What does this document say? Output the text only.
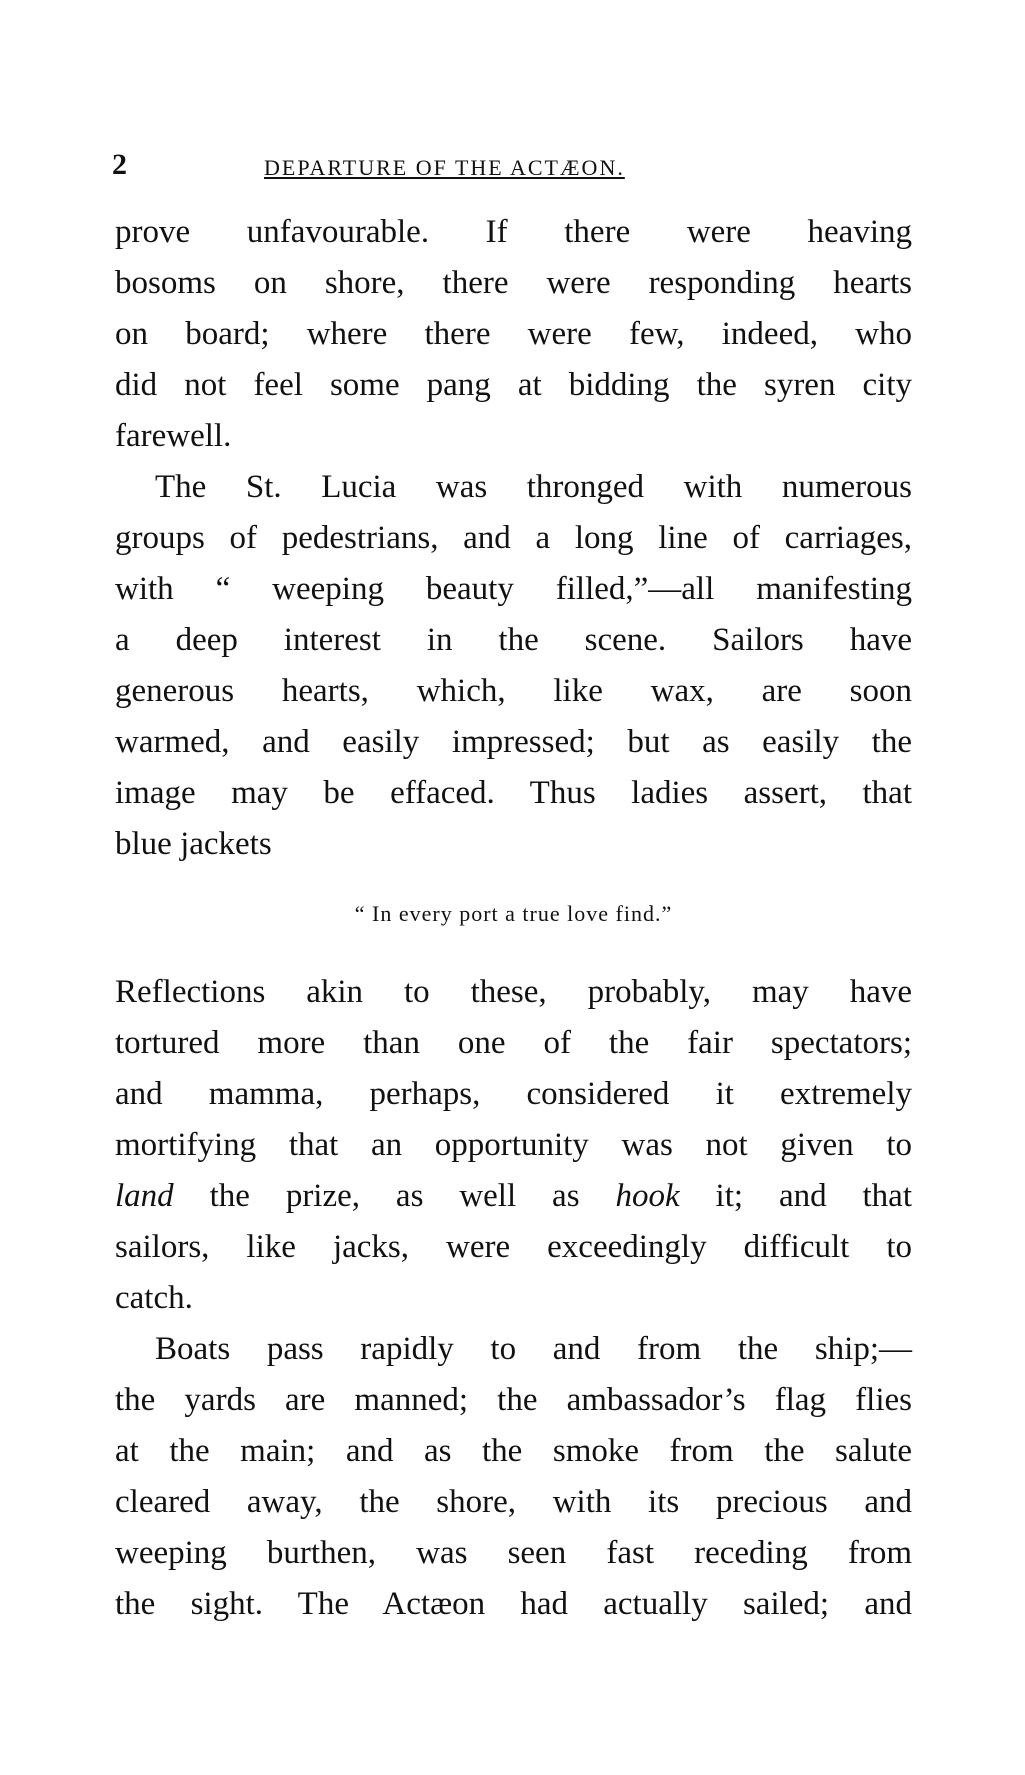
2	DEPARTURE OF THE ACTÆON.
prove unfavourable. If there were heaving
bosoms on shore, there were responding hearts
on board; where there were few, indeed, who
did not feel some pang at bidding the syren city
farewell.
The St. Lucia was thronged with numerous
groups of pedestrians, and a long line of carriages,
with “ weeping beauty filled,”—all manifesting
a deep interest in the scene. Sailors have
generous hearts, which, like wax, are soon
warmed, and easily impressed; but as easily the
image may be effaced. Thus ladies assert, that
blue jackets
“ In every port a true love find.”
Reflections akin to these, probably, may have
tortured more than one of the fair spectators;
and mamma, perhaps, considered it extremely
mortifying that an opportunity was not given to
land the prize, as well as hook it; and that
sailors, like jacks, were exceedingly difficult to
catch.
Boats pass rapidly to and from the ship;—
the yards are manned; the ambassador’s flag flies
at the main; and as the smoke from the salute
cleared away, the shore, with its precious and
weeping burthen, was seen fast receding from
the sight. The Actæon had actually sailed; and
